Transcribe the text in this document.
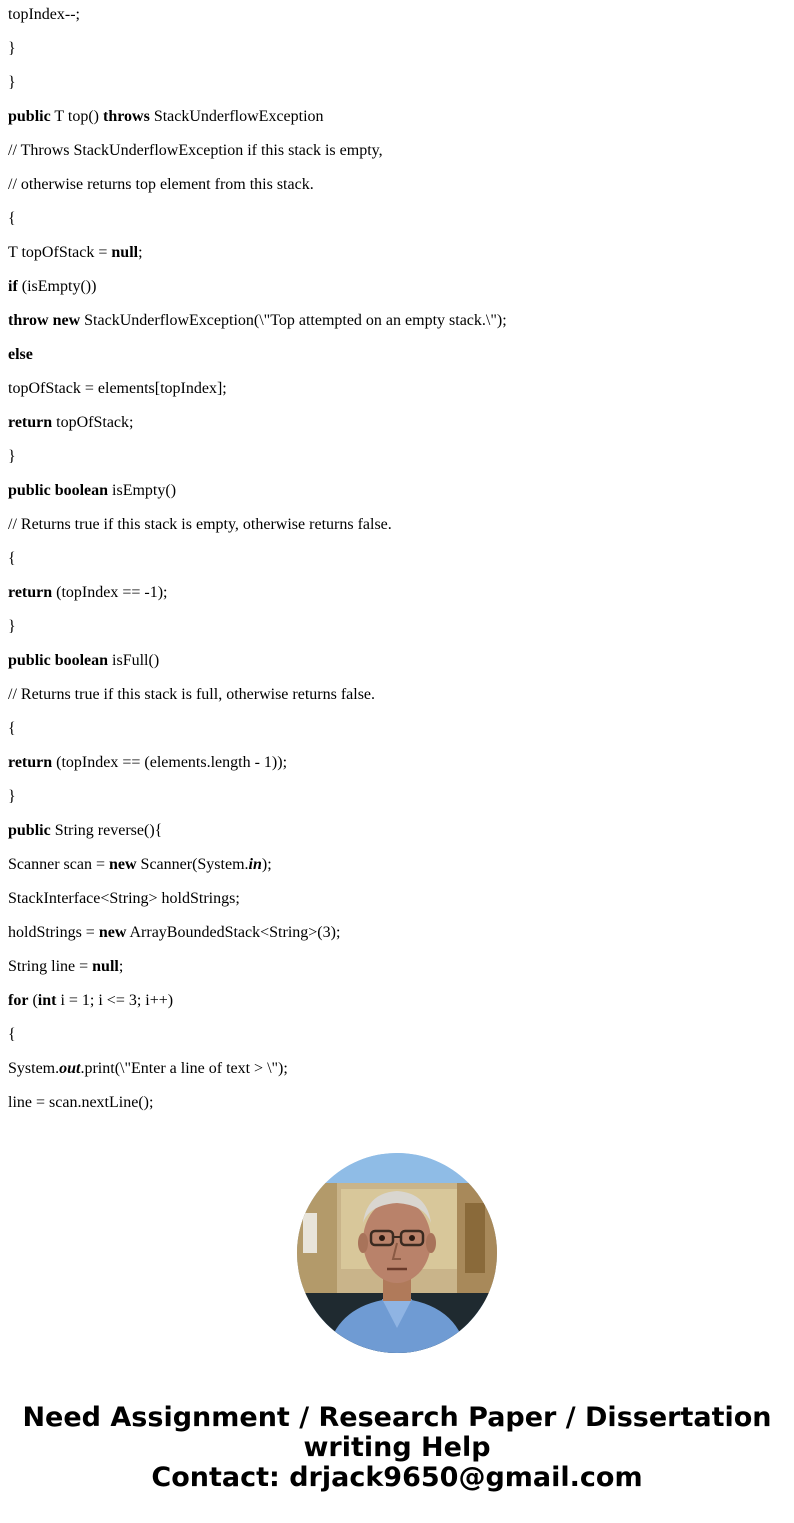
topIndex--;
}
}
public T top() throws StackUnderflowException
// Throws StackUnderflowException if this stack is empty,
// otherwise returns top element from this stack.
{
T topOfStack = null;
if (isEmpty())
throw new StackUnderflowException(\"Top attempted on an empty stack.\");
else
topOfStack = elements[topIndex];
return topOfStack;
}
public boolean isEmpty()
// Returns true if this stack is empty, otherwise returns false.
{
return (topIndex == -1);
}
public boolean isFull()
// Returns true if this stack is full, otherwise returns false.
{
return (topIndex == (elements.length - 1));
}
public String reverse(){
Scanner scan = new Scanner(System.in);
StackInterface<String> holdStrings;
holdStrings = new ArrayBoundedStack<String>(3);
String line = null;
for (int i = 1; i <= 3; i++)
{
System.out.print(\"Enter a line of text > \");
line = scan.nextLine();
Need Assignment / Research Paper / Dissertation
writing Help
Contact: drjack9650@gmail.com
